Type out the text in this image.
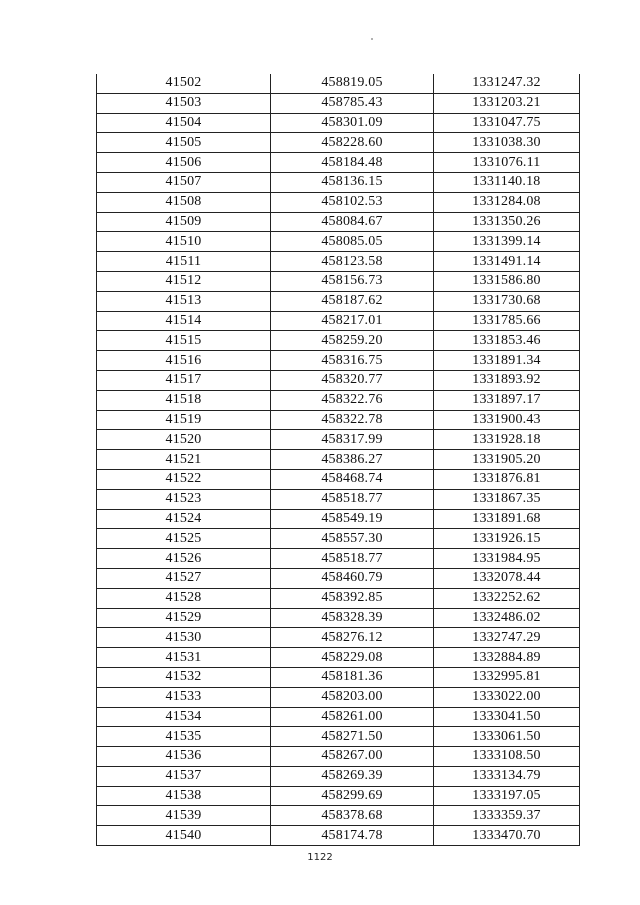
41502	458819.05	1331247.32
41503	458785.43	1331203.21
41504	458301.09	1331047.75
41505	458228.60	1331038.30
41506	458184.48	1331076.11
41507	458136.15	1331140.18
41508	458102.53	1331284.08
41509	458084.67	1331350.26
41510	458085.05	1331399.14
41511	458123.58	1331491.14
41512	458156.73	1331586.80
41513	458187.62	1331730.68
41514	458217.01	1331785.66
41515	458259.20	1331853.46
41516	458316.75	1331891.34
41517	458320.77	1331893.92
41518	458322.76	1331897.17
41519	458322.78	1331900.43
41520	458317.99	1331928.18
41521	458386.27	1331905.20
41522	458468.74	1331876.81
41523	458518.77	1331867.35
41524	458549.19	1331891.68
41525	458557.30	1331926.15
41526	458518.77	1331984.95
41527	458460.79	1332078.44
41528	458392.85	1332252.62
41529	458328.39	1332486.02
41530	458276.12	1332747.29
41531	458229.08	1332884.89
41532	458181.36	1332995.81
41533	458203.00	1333022.00
41534	458261.00	1333041.50
41535	458271.50	1333061.50
41536	458267.00	1333108.50
41537	458269.39	1333134.79
41538	458299.69	1333197.05
41539	458378.68	1333359.37
41540	458174.78	1333470.70
1122
